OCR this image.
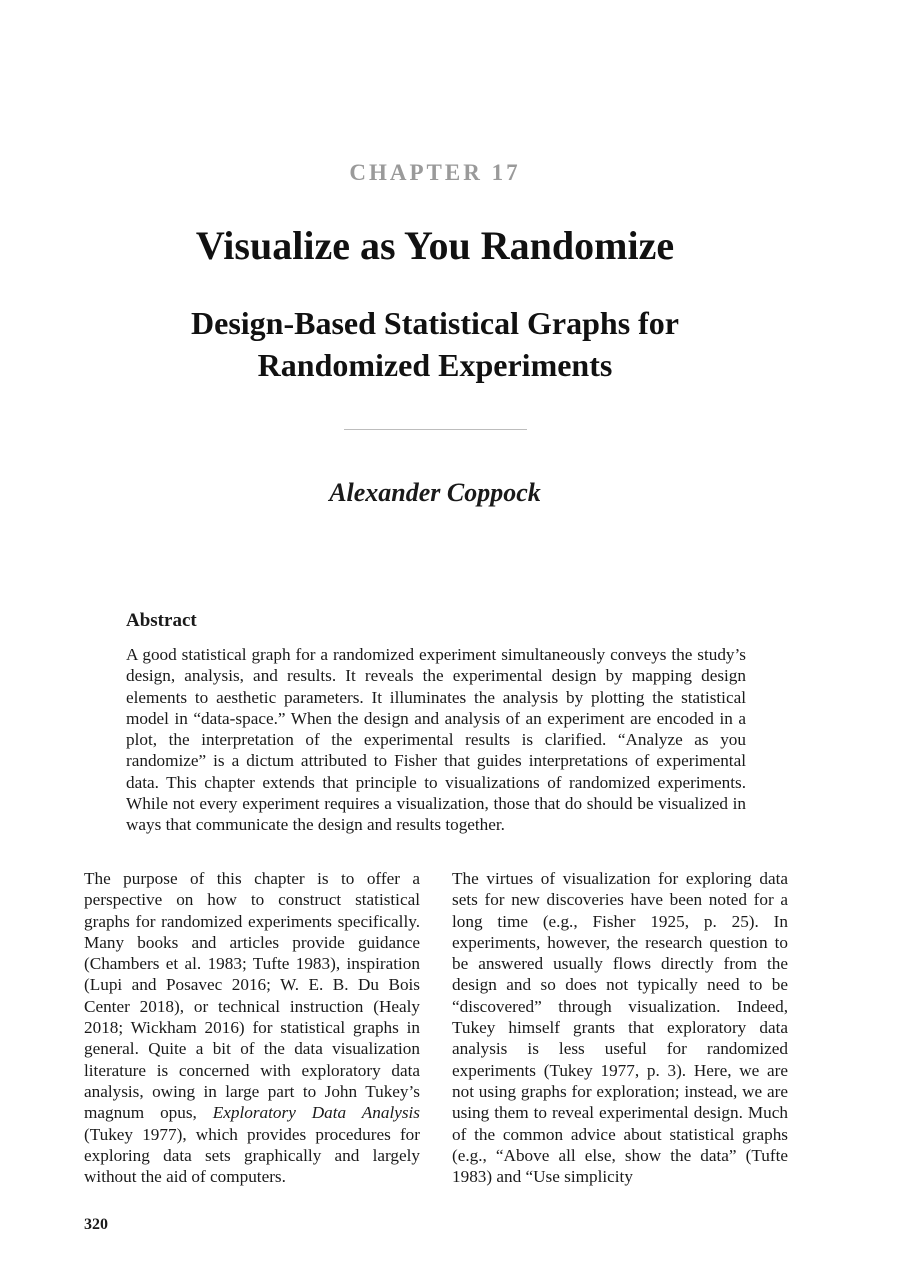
CHAPTER 17
Visualize as You Randomize
Design-Based Statistical Graphs for Randomized Experiments
Alexander Coppock
Abstract
A good statistical graph for a randomized experiment simultaneously conveys the study’s design, analysis, and results. It reveals the experimental design by mapping design elements to aesthetic parameters. It illuminates the analysis by plotting the statistical model in “data-space.” When the design and analysis of an experiment are encoded in a plot, the interpretation of the experimental results is clarified. “Analyze as you randomize” is a dictum attributed to Fisher that guides interpretations of experimental data. This chapter extends that principle to visualizations of randomized experiments. While not every experiment requires a visualization, those that do should be visualized in ways that communicate the design and results together.
The purpose of this chapter is to offer a perspective on how to construct statistical graphs for randomized experiments specifically. Many books and articles provide guidance (Chambers et al. 1983; Tufte 1983), inspiration (Lupi and Posavec 2016; W. E. B. Du Bois Center 2018), or technical instruction (Healy 2018; Wickham 2016) for statistical graphs in general. Quite a bit of the data visualization literature is concerned with exploratory data analysis, owing in large part to John Tukey’s magnum opus, Exploratory Data Analysis (Tukey 1977), which provides procedures for exploring data sets graphically and largely without the aid of computers.
The virtues of visualization for exploring data sets for new discoveries have been noted for a long time (e.g., Fisher 1925, p. 25). In experiments, however, the research question to be answered usually flows directly from the design and so does not typically need to be “discovered” through visualization. Indeed, Tukey himself grants that exploratory data analysis is less useful for randomized experiments (Tukey 1977, p. 3). Here, we are not using graphs for exploration; instead, we are using them to reveal experimental design. Much of the common advice about statistical graphs (e.g., “Above all else, show the data” (Tufte 1983) and “Use simplicity
320
